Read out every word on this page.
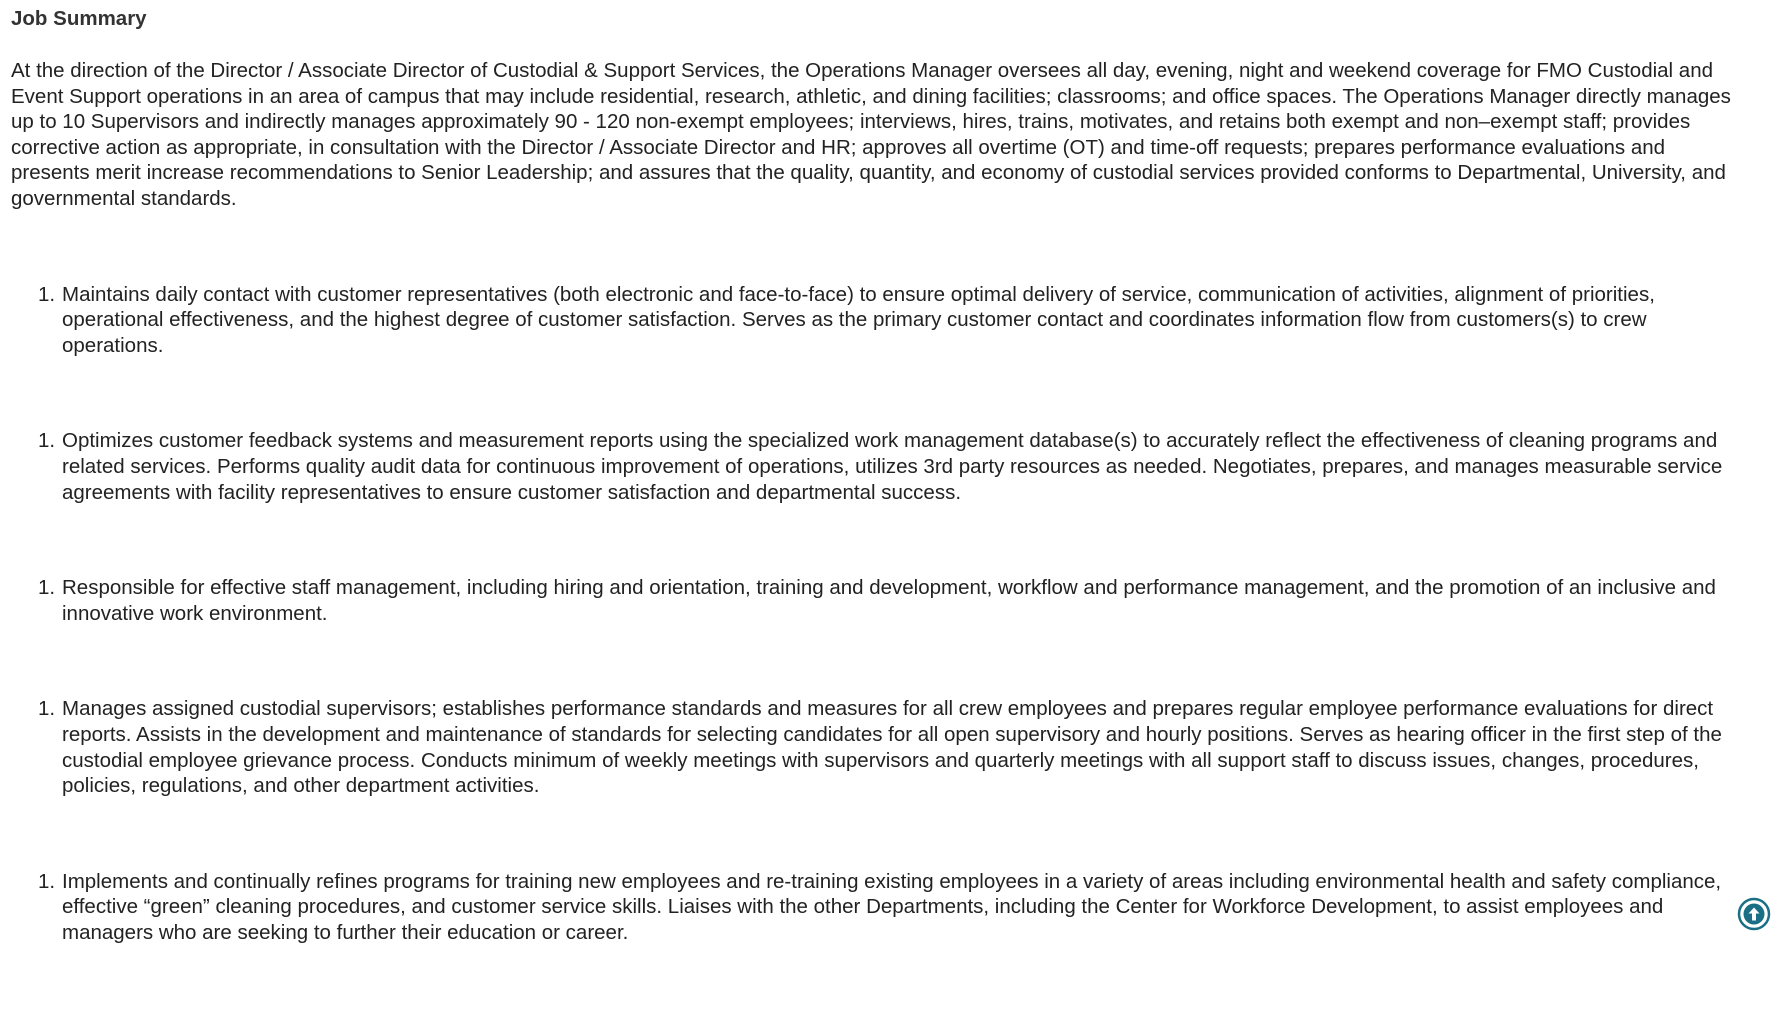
Job Summary
At the direction of the Director / Associate Director of Custodial & Support Services, the Operations Manager oversees all day, evening, night and weekend coverage for FMO Custodial and Event Support operations in an area of campus that may include residential, research, athletic, and dining facilities; classrooms; and office spaces. The Operations Manager directly manages up to 10 Supervisors and indirectly manages approximately 90 - 120 non-exempt employees; interviews, hires, trains, motivates, and retains both exempt and non–exempt staff; provides corrective action as appropriate, in consultation with the Director / Associate Director and HR; approves all overtime (OT) and time-off requests; prepares performance evaluations and presents merit increase recommendations to Senior Leadership; and assures that the quality, quantity, and economy of custodial services provided conforms to Departmental, University, and governmental standards.
1. Maintains daily contact with customer representatives (both electronic and face-to-face) to ensure optimal delivery of service, communication of activities, alignment of priorities, operational effectiveness, and the highest degree of customer satisfaction. Serves as the primary customer contact and coordinates information flow from customers(s) to crew operations.
1. Optimizes customer feedback systems and measurement reports using the specialized work management database(s) to accurately reflect the effectiveness of cleaning programs and related services. Performs quality audit data for continuous improvement of operations, utilizes 3rd party resources as needed. Negotiates, prepares, and manages measurable service agreements with facility representatives to ensure customer satisfaction and departmental success.
1. Responsible for effective staff management, including hiring and orientation, training and development, workflow and performance management, and the promotion of an inclusive and innovative work environment.
1. Manages assigned custodial supervisors; establishes performance standards and measures for all crew employees and prepares regular employee performance evaluations for direct reports. Assists in the development and maintenance of standards for selecting candidates for all open supervisory and hourly positions. Serves as hearing officer in the first step of the custodial employee grievance process. Conducts minimum of weekly meetings with supervisors and quarterly meetings with all support staff to discuss issues, changes, procedures, policies, regulations, and other department activities.
1. Implements and continually refines programs for training new employees and re-training existing employees in a variety of areas including environmental health and safety compliance, effective “green” cleaning procedures, and customer service skills. Liaises with the other Departments, including the Center for Workforce Development, to assist employees and managers who are seeking to further their education or career.
